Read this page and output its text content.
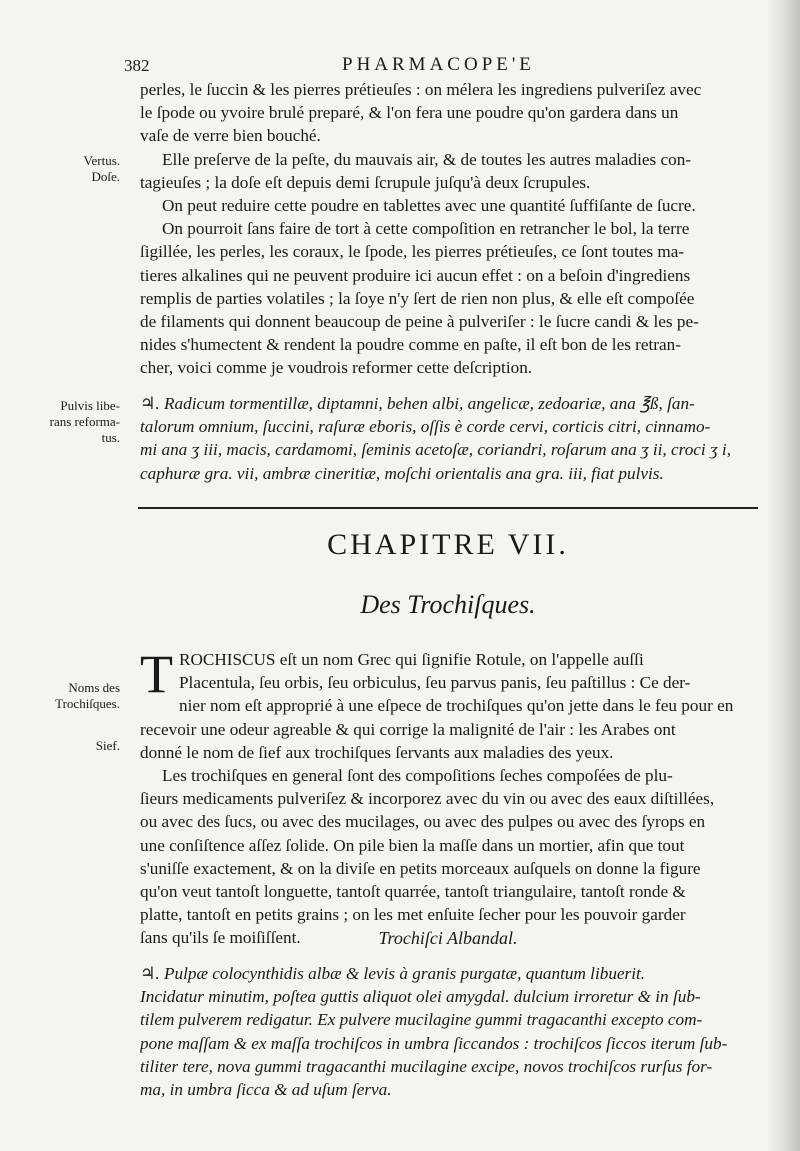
382	PHARMACOPE'E
perles, le ſuccin & les pierres prétieuſes : on mélera les ingrediens pulveriſez avec
le ſpode ou yvoire brulé preparé, & l'on fera une poudre qu'on gardera dans un
vaſe de verre bien bouché.
Elle preſerve de la peſte, du mauvais air, & de toutes les autres maladies con-
tagieuſes ; la doſe eſt depuis demi ſcrupule juſqu'à deux ſcrupules.
Vertus.
Doſe.
On peut reduire cette poudre en tablettes avec une quantité ſuffiſante de ſucre.
On pourroit ſans faire de tort à cette compoſition en retrancher le bol, la terre
ſigillée, les perles, les coraux, le ſpode, les pierres prétieuſes, ce ſont toutes ma-
tieres alkalines qui ne peuvent produire ici aucun effet : on a beſoin d'ingrediens
remplis de parties volatiles ; la ſoye n'y ſert de rien non plus, & elle eſt compoſée
de filaments qui donnent beaucoup de peine à pulveriſer : le ſucre candi & les pe-
nides s'humectent & rendent la poudre comme en paſte, il eſt bon de les retran-
cher, voici comme je voudrois reformer cette deſcription.
♃. Radicum tormentillæ, diptamni, behen albi, angelicæ, zedoariæ, ana ℥ß, ſan-
talorum omnium, ſuccini, raſuræ eboris, oſſis è corde cervi, corticis citri, cinnamo-
mi ana ʒ iii, macis, cardamomi, ſeminis acetoſæ, coriandri, roſarum ana ʒ ii, croci ʒ i,
caphuræ gra. vii, ambræ cineritiæ, moſchi orientalis ana gra. iii, fiat pulvis.
Pulvis libe-
rans reforma-
tus.
CHAPITRE VII.
Des Trochiſques.
T ROCHISCUS eſt un nom Grec qui ſignifie Rotule, on l'appelle auſſi
Placentula, ſeu orbis, ſeu orbiculus, ſeu parvus panis, ſeu paſtillus : Ce der-
nier nom eſt approprié à une eſpece de trochiſques qu'on jette dans le feu pour en
recevoir une odeur agreable & qui corrige la malignité de l'air : les Arabes ont
donné le nom de ſief aux trochiſques ſervants aux maladies des yeux.
Noms des
Trochiſques.
Sief.
Les trochiſques en general ſont des compoſitions ſeches compoſées de plu-
ſieurs medicaments pulveriſez & incorporez avec du vin ou avec des eaux diſtillées,
ou avec des ſucs, ou avec des mucilages, ou avec des pulpes ou avec des ſyrops en
une conſiſtence aſſez ſolide. On pile bien la maſſe dans un mortier, afin que tout
s'uniſſe exactement, & on la diviſe en petits morceaux auſquels on donne la figure
qu'on veut tantoſt longuette, tantoſt quarrée, tantoſt triangulaire, tantoſt ronde &
platte, tantoſt en petits grains ; on les met enſuite ſecher pour les pouvoir garder
ſans qu'ils ſe moiſiſſent.	Trochiſci Albandal.
♃. Pulpæ colocynthidis albæ & levis à granis purgatæ, quantum libuerit.
Incidatur minutim, poſtea guttis aliquot olei amygdal. dulcium irroretur & in ſub-
tilem pulverem redigatur. Ex pulvere mucilagine gummi tragacanthi excepto com-
pone maſſam & ex maſſa trochiſcos in umbra ſiccandos : trochiſcos ſiccos iterum ſub-
tiliter tere, nova gummi tragacanthi mucilagine excipe, novos trochiſcos rurſus for-
ma, in umbra ſicca & ad uſum ſerva.
